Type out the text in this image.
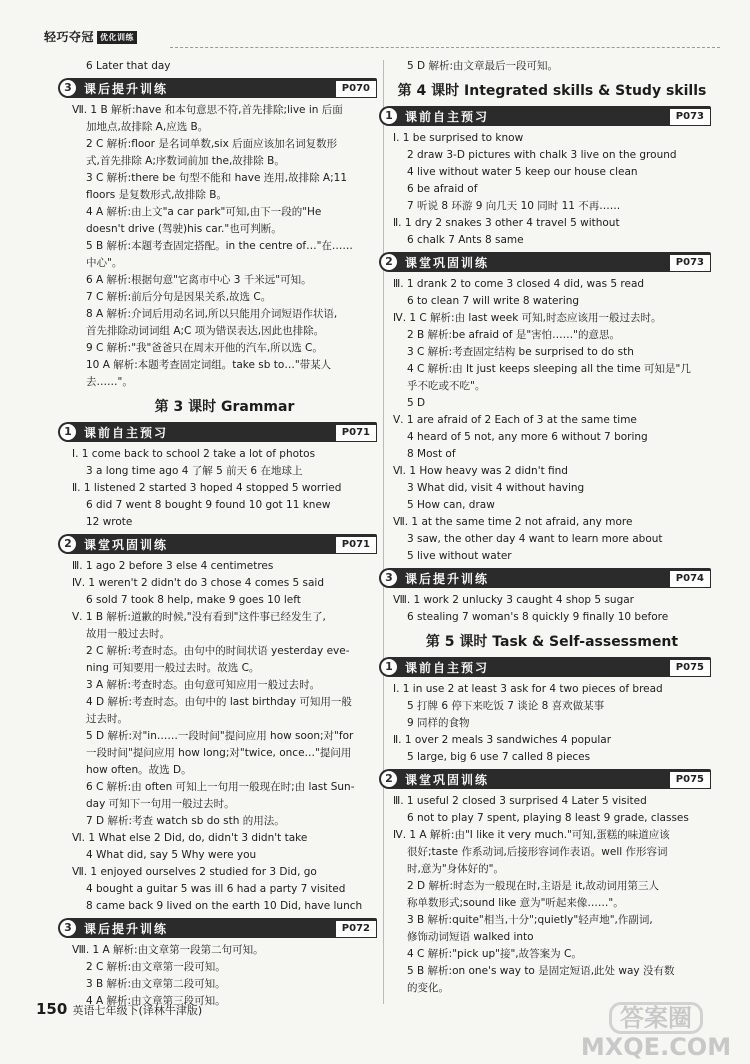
轻巧夺冠 优化训练
6 Later that day
3	课后提升训练	P070
Ⅶ. 1 B 解析:have 和本句意思不符,首先排除;live in 后面
加地点,故排除 A,应选 B。
2 C 解析:floor 是名词单数,six 后面应该加名词复数形
式,首先排除 A;序数词前加 the,故排除 B。
3 C 解析:there be 句型不能和 have 连用,故排除 A;11
floors 是复数形式,故排除 B。
4 A 解析:由上文"a car park"可知,由下一段的"He
doesn't drive (驾驶)his car."也可判断。
5 B 解析:本题考查固定搭配。in the centre of…"在……
中心"。
6 A 解析:根据句意"它离市中心 3 千米远"可知。
7 C 解析:前后分句是因果关系,故选 C。
8 A 解析:介词后用动名词,所以只能用介词短语作状语,
首先排除动词词组 A;C 项为错误表达,因此也排除。
9 C 解析:"我"爸爸只在周末开他的汽车,所以选 C。
10 A 解析:本题考查固定词组。take sb to…"带某人
去……"。
第 3 课时 Grammar
1	课前自主预习	P071
Ⅰ. 1 come back to school 2 take a lot of photos
3 a long time ago 4 了解 5 前天 6 在地球上
Ⅱ. 1 listened 2 started 3 hoped 4 stopped 5 worried
6 did 7 went 8 bought 9 found 10 got 11 knew
12 wrote
2	课堂巩固训练	P071
Ⅲ. 1 ago 2 before 3 else 4 centimetres
Ⅳ. 1 weren't 2 didn't do 3 chose 4 comes 5 said
6 sold 7 took 8 help, make 9 goes 10 left
Ⅴ. 1 B 解析:道歉的时候,"没有看到"这件事已经发生了,
故用一般过去时。
2 C 解析:考查时态。由句中的时间状语 yesterday eve-
ning 可知要用一般过去时。故选 C。
3 A 解析:考查时态。由句意可知应用一般过去时。
4 D 解析:考查时态。由句中的 last birthday 可知用一般
过去时。
5 D 解析:对"in……一段时间"提问应用 how soon;对"for
一段时间"提问应用 how long;对"twice, once…"提问用
how often。故选 D。
6 C 解析:由 often 可知上一句用一般现在时;由 last Sun-
day 可知下一句用一般过去时。
7 D 解析:考查 watch sb do sth 的用法。
Ⅵ. 1 What else 2 Did, do, didn't 3 didn't take
4 What did, say 5 Why were you
Ⅶ. 1 enjoyed ourselves 2 studied for 3 Did, go
4 bought a guitar 5 was ill 6 had a party 7 visited
8 came back 9 lived on the earth 10 Did, have lunch
3	课后提升训练	P072
Ⅷ. 1 A 解析:由文章第一段第二句可知。
2 C 解析:由文章第一段可知。
3 B 解析:由文章第二段可知。
4 A 解析:由文章第三段可知。
5 D 解析:由文章最后一段可知。
第 4 课时 Integrated skills & Study skills
1	课前自主预习	P073
Ⅰ. 1 be surprised to know
2 draw 3-D pictures with chalk 3 live on the ground
4 live without water 5 keep our house clean
6 be afraid of
7 听说 8 环游 9 向几天 10 同时 11 不再……
Ⅱ. 1 dry 2 snakes 3 other 4 travel 5 without
6 chalk 7 Ants 8 same
2	课堂巩固训练	P073
Ⅲ. 1 drank 2 to come 3 closed 4 did, was 5 read
6 to clean 7 will write 8 watering
Ⅳ. 1 C 解析:由 last week 可知,时态应该用一般过去时。
2 B 解析:be afraid of 是"害怕……"的意思。
3 C 解析:考查固定结构 be surprised to do sth
4 C 解析:由 It just keeps sleeping all the time 可知是"几
乎不吃或不吃"。
5 D
Ⅴ. 1 are afraid of 2 Each of 3 at the same time
4 heard of 5 not, any more 6 without 7 boring
8 Most of
Ⅵ. 1 How heavy was 2 didn't find
3 What did, visit 4 without having
5 How can, draw
Ⅶ. 1 at the same time 2 not afraid, any more
3 saw, the other day 4 want to learn more about
5 live without water
3	课后提升训练	P074
Ⅷ. 1 work 2 unlucky 3 caught 4 shop 5 sugar
6 stealing 7 woman's 8 quickly 9 finally 10 before
第 5 课时 Task & Self-assessment
1	课前自主预习	P075
Ⅰ. 1 in use 2 at least 3 ask for 4 two pieces of bread
5 打牌 6 停下来吃饭 7 谈论 8 喜欢做某事
9 同样的食物
Ⅱ. 1 over 2 meals 3 sandwiches 4 popular
5 large, big 6 use 7 called 8 pieces
2	课堂巩固训练	P075
Ⅲ. 1 useful 2 closed 3 surprised 4 Later 5 visited
6 not to play 7 spent, playing 8 least 9 grade, classes
Ⅳ. 1 A 解析:由"I like it very much."可知,蛋糕的味道应该
很好;taste 作系动词,后接形容词作表语。well 作形容词
时,意为"身体好的"。
2 D 解析:时态为一般现在时,主语是 it,故动词用第三人
称单数形式;sound like 意为"听起来像……"。
3 B 解析:quite"相当,十分";quietly"轻声地",作副词,
修饰动词短语 walked into
4 C 解析:"pick up"接",故答案为 C。
5 B 解析:on one's way to 是固定短语,此处 way 没有数
的变化。
150 英语七年级下(译林牛津版)	答案圈
MXQE.COM
